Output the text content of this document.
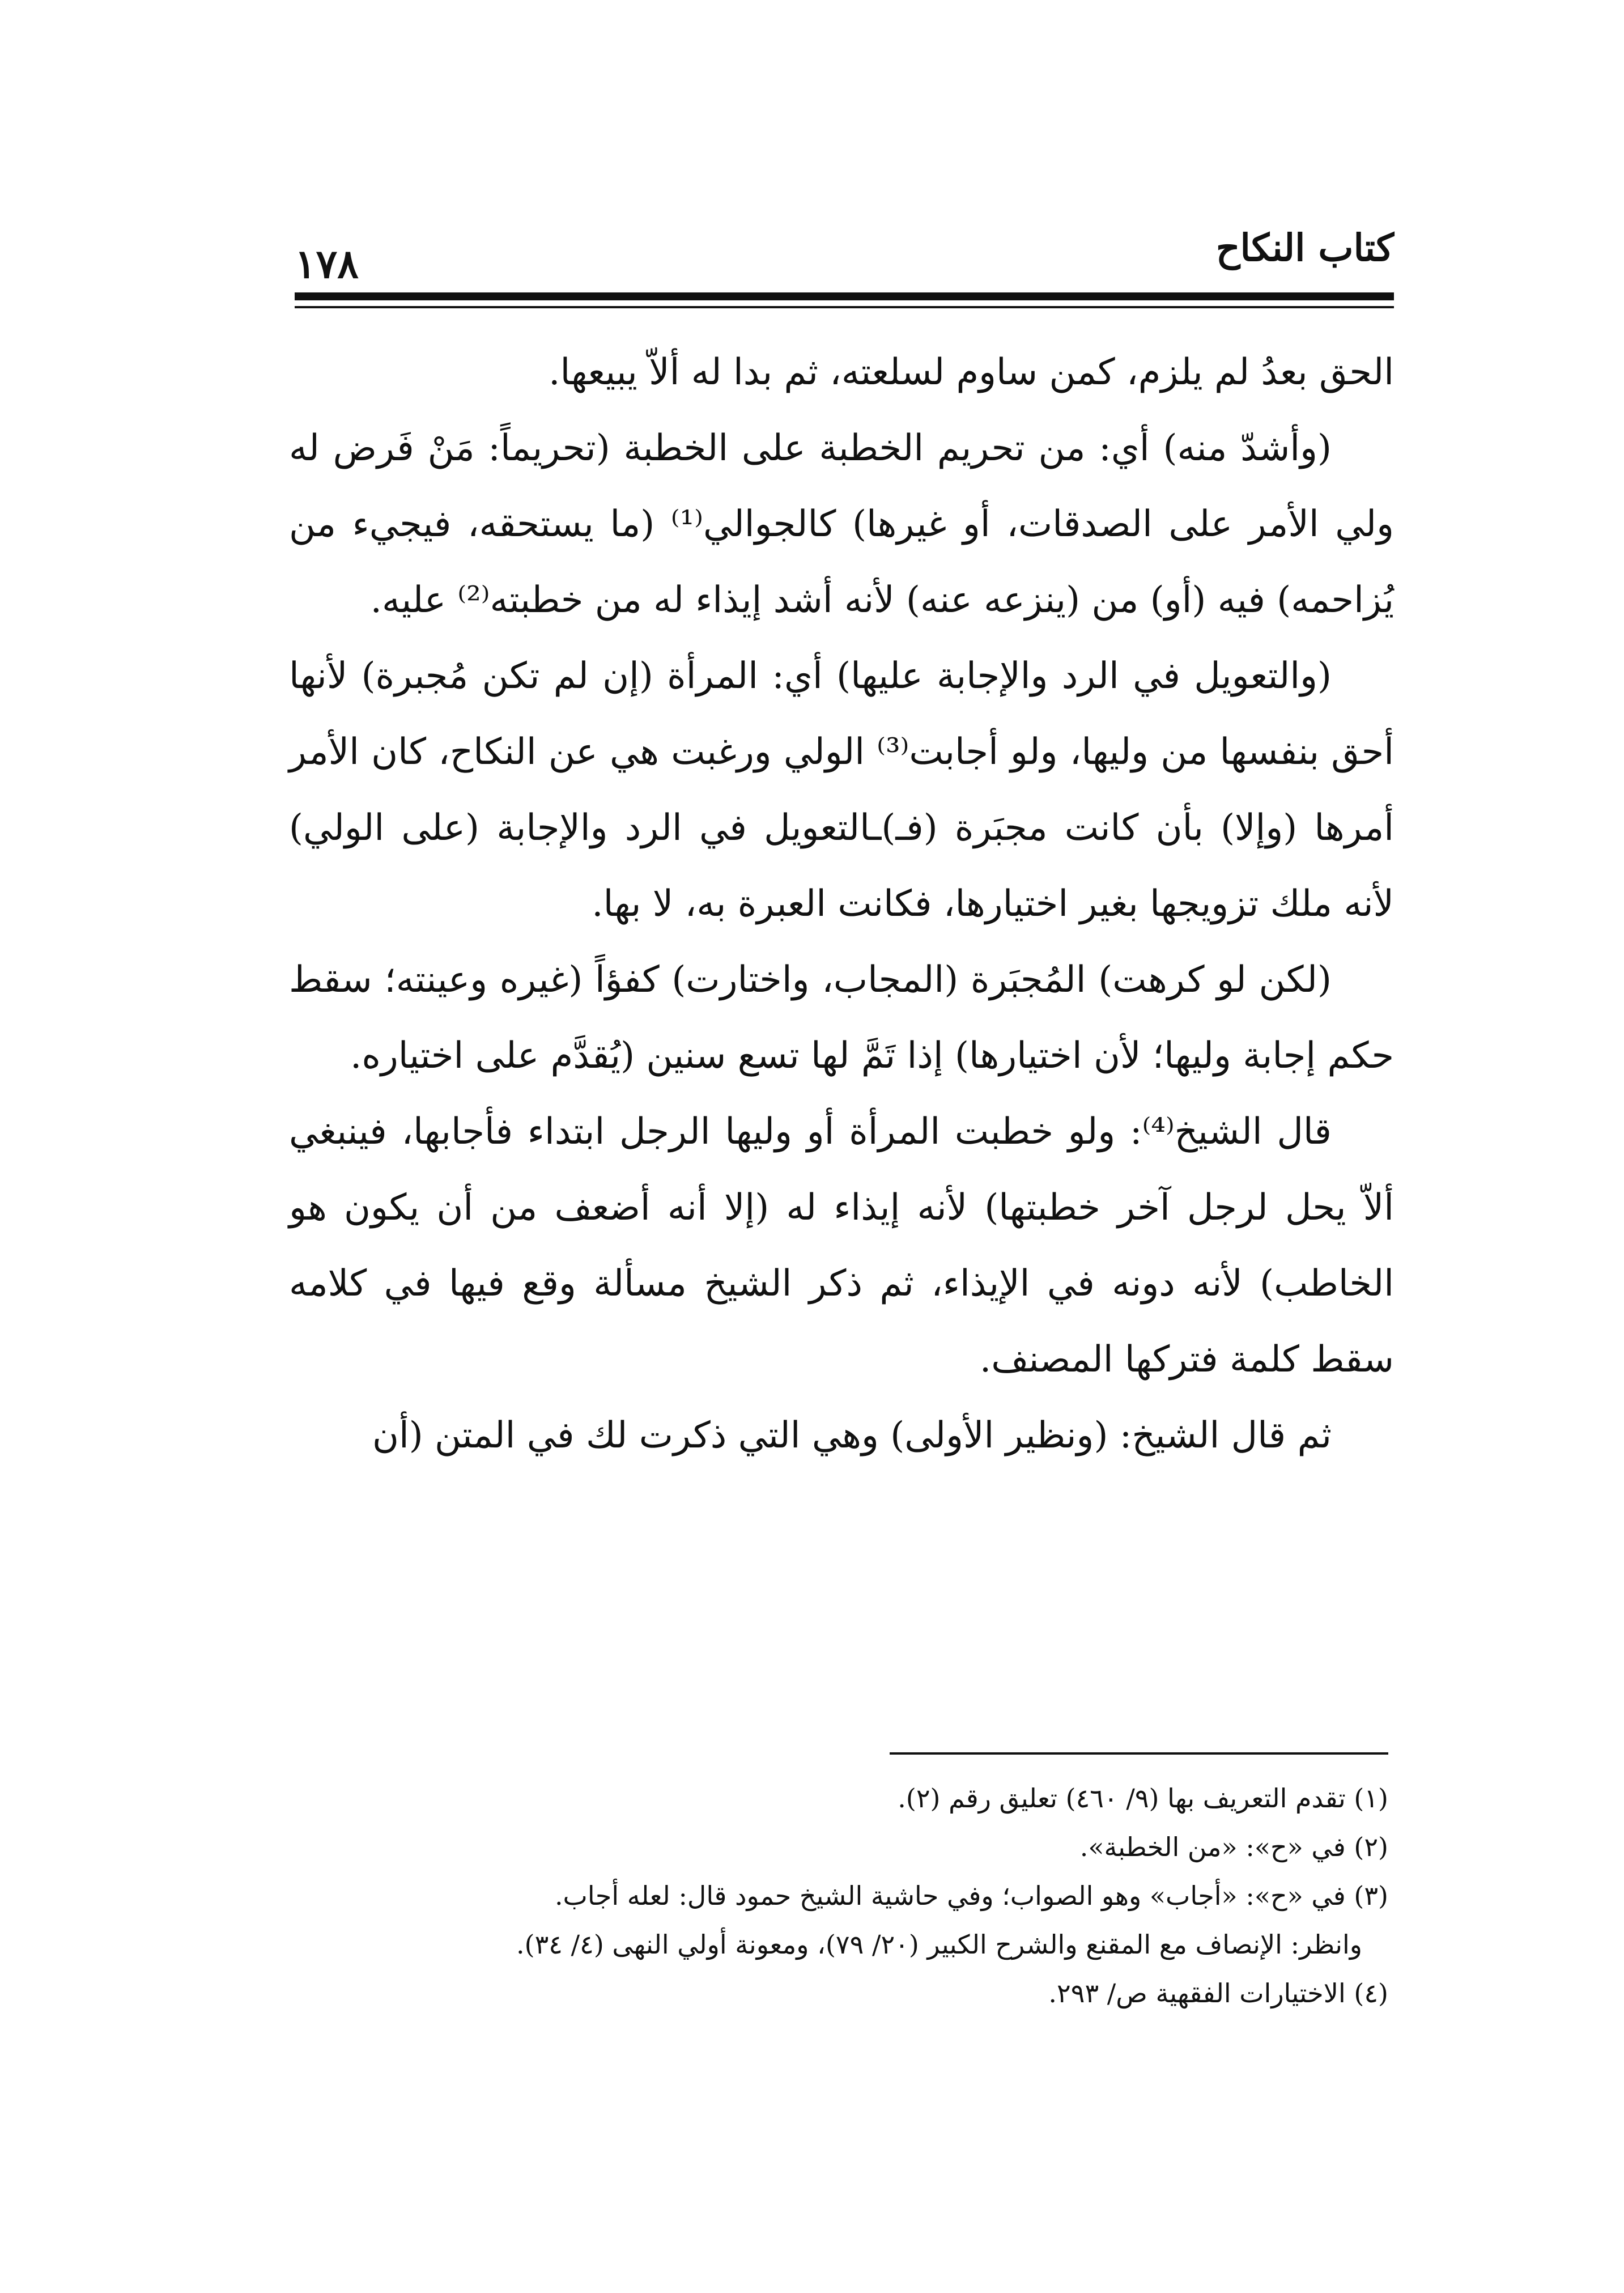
كتاب النكاح
١٧٨

الحق بعدُ لم يلزم، كمن ساوم لسلعته، ثم بدا له ألاّ يبيعها.

(وأشدّ منه) أي: من تحريم الخطبة على الخطبة (تحريماً: مَنْ فَرض له ولي الأمر على الصدقات، أو غيرها) كالجوالي⁽¹⁾ (ما يستحقه، فيجيء من يُزاحمه) فيه (أو) من (ينزعه عنه) لأنه أشد إيذاء له من خطبته⁽²⁾ عليه.

(والتعويل في الرد والإجابة عليها) أي: المرأة (إن لم تكن مُجبرة) لأنها أحق بنفسها من وليها، ولو أجابت⁽³⁾ الولي ورغبت هي عن النكاح، كان الأمر أمرها (وإلا) بأن كانت مجبَرة (فـ)ـالتعويل في الرد والإجابة (على الولي) لأنه ملك تزويجها بغير اختيارها، فكانت العبرة به، لا بها.

(لكن لو كرهت) المُجبَرة (المجاب، واختارت) كفؤاً (غيره وعينته؛ سقط حكم إجابة وليها؛ لأن اختيارها) إذا تَمَّ لها تسع سنين (يُقدَّم على اختياره.

قال الشيخ⁽⁴⁾: ولو خطبت المرأة أو وليها الرجل ابتداء فأجابها، فينبغي ألاّ يحل لرجل آخر خطبتها) لأنه إيذاء له (إلا أنه أضعف من أن يكون هو الخاطب) لأنه دونه في الإيذاء، ثم ذكر الشيخ مسألة وقع فيها في كلامه سقط كلمة فتركها المصنف.

ثم قال الشيخ: (ونظير الأولى) وهي التي ذكرت لك في المتن (أن

(١) تقدم التعريف بها (٩/ ٤٦٠) تعليق رقم (٢).

(٢) في «ح»: «من الخطبة».

(٣) في «ح»: «أجاب» وهو الصواب؛ وفي حاشية الشيخ حمود قال: لعله أجاب.

وانظر: الإنصاف مع المقنع والشرح الكبير (٢٠/ ٧٩)، ومعونة أولي النهى (٤/ ٣٤).

(٤) الاختيارات الفقهية ص/ ٢٩٣.
